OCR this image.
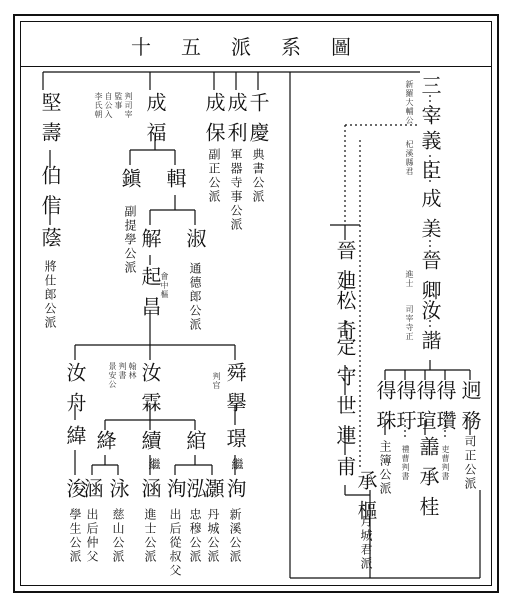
十五派系圖
三宰
新羅大輔公
義臣
杞溪縣君
成美
晉卿
進士
汝諧
司宰寺正
堅壽
伯信
蔭
將仕郎公派
成福
判司宰
監事
自公入
李氏朝	成保
副正公派
成利
軍器寺事公派
千慶
典書公派
鎭
副提學公派
輯
解 淑
通德郎公派
起昌
會中樞
汝舟	汝霖
翰林
判書
景安公	舜擧
判官
緯 絳 續 綰 璟
繼	繼
浚
學生公派
涵
出后仲父
泳
慈山公派
涵
進士公派
洵
出后從叔父
泓
忠穆公派
灝
丹城公派
洵
新溪公派
晉廸
松奇
定守
世連
甫
承樞
月城君派
得珠
主簿公派
得玗
得瑄
禮曹判書
得瓚
吏曹判書
迥務
司正公派
譱
承桂
